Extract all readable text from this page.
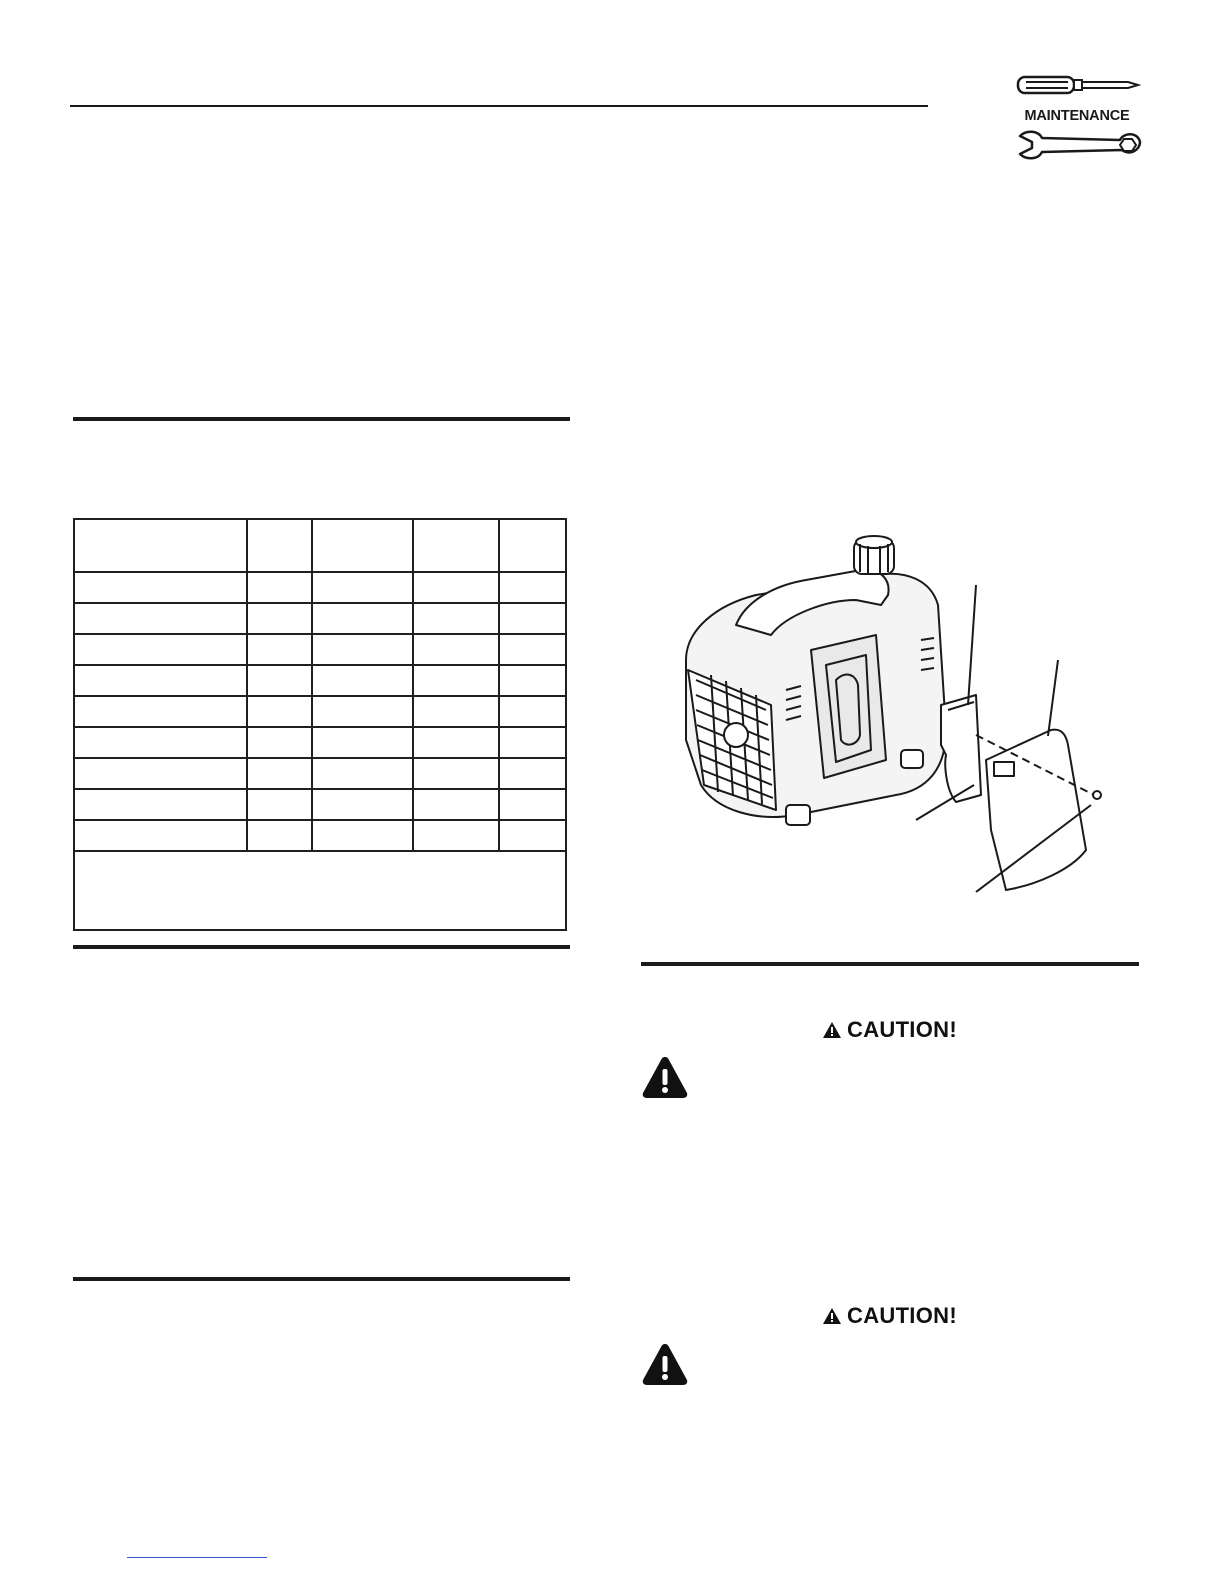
MAINTENANCE

CAUTION!
CAUTION!
